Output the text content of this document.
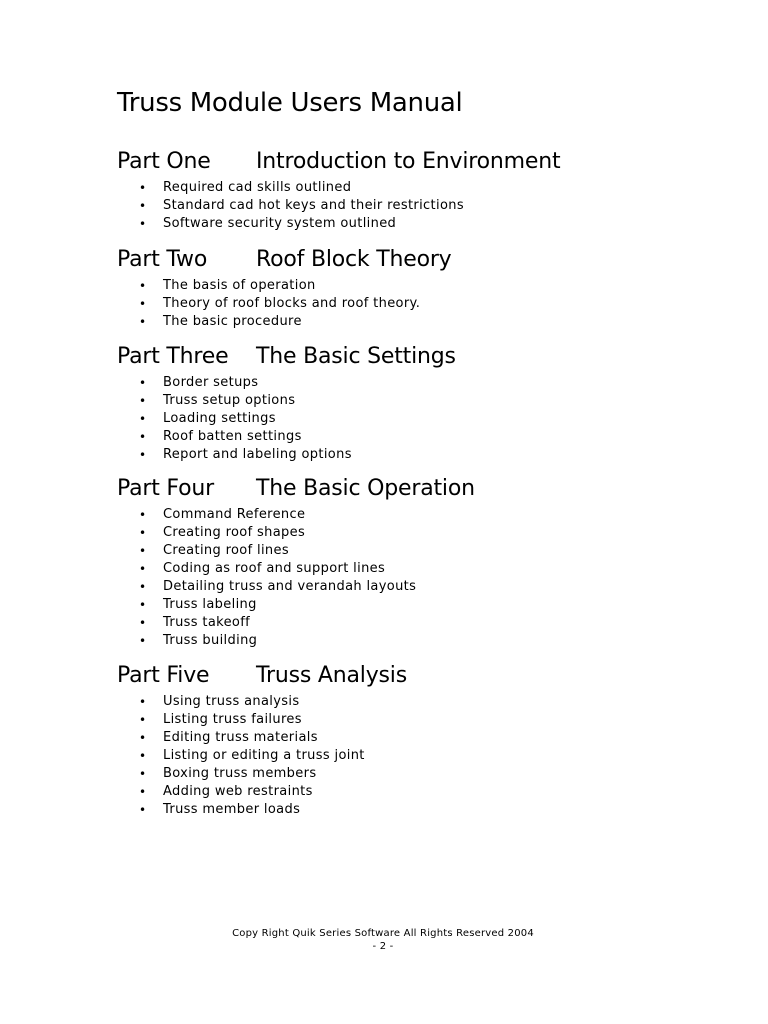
Truss Module Users Manual
Part One Introduction to Environment
• Required cad skills outlined
• Standard cad hot keys and their restrictions
• Software security system outlined
Part Two Roof Block Theory
• The basis of operation
• Theory of roof blocks and roof theory.
• The basic procedure
Part Three The Basic Settings
• Border setups
• Truss setup options
• Loading settings
• Roof batten settings
• Report and labeling options
Part Four The Basic Operation
• Command Reference
• Creating roof shapes
• Creating roof lines
• Coding as roof and support lines
• Detailing truss and verandah layouts
• Truss labeling
• Truss takeoff
• Truss building
Part Five Truss Analysis
• Using truss analysis
• Listing truss failures
• Editing truss materials
• Listing or editing a truss joint
• Boxing truss members
• Adding web restraints
• Truss member loads
Copy Right Quik Series Software All Rights Reserved 2004
- 2 -
